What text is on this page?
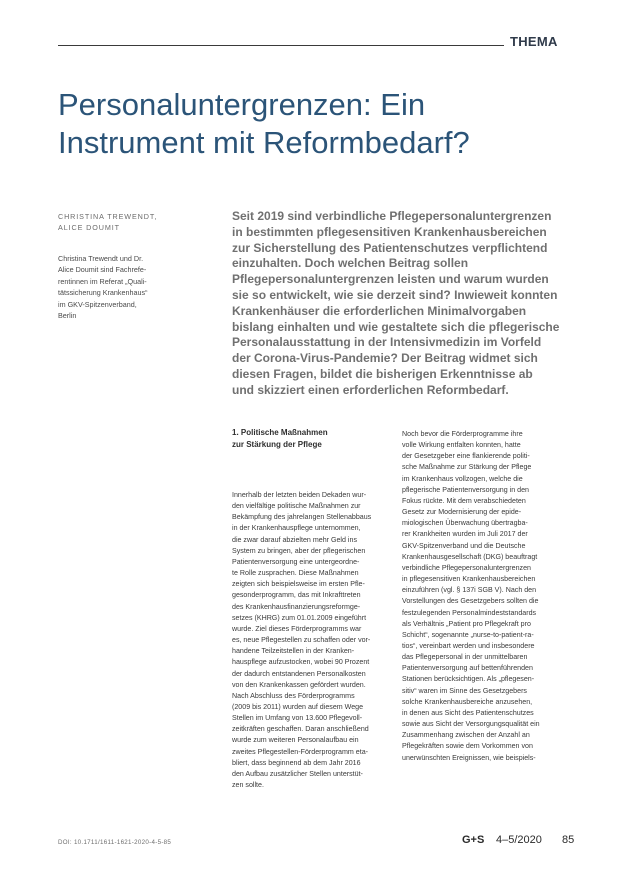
THEMA
Personaluntergrenzen: Ein
Instrument mit Reformbedarf?
CHRISTINA TREWENDT,
ALICE DOUMIT
Christina Trewendt und Dr.
Alice Doumit sind Fachrefe-
rentinnen im Referat „Quali-
tätssicherung Krankenhaus“
im GKV-Spitzenverband,
Berlin
Seit 2019 sind verbindliche Pflegepersonaluntergrenzen
in bestimmten pflegesensitiven Krankenhausbereichen
zur Sicherstellung des Patientenschutzes verpflichtend
einzuhalten. Doch welchen Beitrag sollen
Pflegepersonaluntergrenzen leisten und warum wurden
sie so entwickelt, wie sie derzeit sind? Inwieweit konnten
Krankenhäuser die erforderlichen Minimalvorgaben
bislang einhalten und wie gestaltete sich die pflegerische
Personalausstattung in der Intensivmedizin im Vorfeld
der Corona-Virus-Pandemie? Der Beitrag widmet sich
diesen Fragen, bildet die bisherigen Erkenntnisse ab
und skizziert einen erforderlichen Reformbedarf.
1. Politische Maßnahmen
zur Stärkung der Pflege
Innerhalb der letzten beiden Dekaden wur-
den vielfältige politische Maßnahmen zur
Bekämpfung des jahrelangen Stellenabbaus
in der Krankenhauspflege unternommen,
die zwar darauf abzielten mehr Geld ins
System zu bringen, aber der pflegerischen
Patientenversorgung eine untergeordne-
te Rolle zusprachen. Diese Maßnahmen
zeigten sich beispielsweise im ersten Pfle-
gesonderprogramm, das mit Inkrafttreten
des Krankenhausfinanzierungsreformge-
setzes (KHRG) zum 01.01.2009 eingeführt
wurde. Ziel dieses Förderprogramms war
es, neue Pflegestellen zu schaffen oder vor-
handene Teilzeitstellen in der Kranken-
hauspflege aufzustocken, wobei 90 Prozent
der dadurch entstandenen Personalkosten
von den Krankenkassen gefördert wurden.
Nach Abschluss des Förderprogramms
(2009 bis 2011) wurden auf diesem Wege
Stellen im Umfang von 13.600 Pflegevoll-
zeitkräften geschaffen. Daran anschließend
wurde zum weiteren Personalaufbau ein
zweites Pflegestellen-Förderprogramm eta-
bliert, dass beginnend ab dem Jahr 2016
den Aufbau zusätzlicher Stellen unterstüt-
zen sollte.
Noch bevor die Förderprogramme ihre
volle Wirkung entfalten konnten, hatte
der Gesetzgeber eine flankierende politi-
sche Maßnahme zur Stärkung der Pflege
im Krankenhaus vollzogen, welche die
pflegerische Patientenversorgung in den
Fokus rückte. Mit dem verabschiedeten
Gesetz zur Modernisierung der epide-
miologischen Überwachung übertragba-
rer Krankheiten wurden im Juli 2017 der
GKV-Spitzenverband und die Deutsche
Krankenhausgesellschaft (DKG) beauftragt
verbindliche Pflegepersonaluntergrenzen
in pflegesensitiven Krankenhausbereichen
einzuführen (vgl. § 137i SGB V). Nach den
Vorstellungen des Gesetzgebers sollten die
festzulegenden Personalmindeststandards
als Verhältnis „Patient pro Pflegekraft pro
Schicht“, sogenannte „nurse-to-patient-ra-
tios“, vereinbart werden und insbesondere
das Pflegepersonal in der unmittelbaren
Patientenversorgung auf bettenführenden
Stationen berücksichtigen. Als „pflegesen-
sitiv“ waren im Sinne des Gesetzgebers
solche Krankenhausbereiche anzusehen,
in denen aus Sicht des Patientenschutzes
sowie aus Sicht der Versorgungsqualität ein
Zusammenhang zwischen der Anzahl an
Pflegekräften sowie dem Vorkommen von
unerwünschten Ereignissen, wie beispiels-
DOI: 10.1711/1611-1621-2020-4-5-85	G+S 4–5/2020 85
